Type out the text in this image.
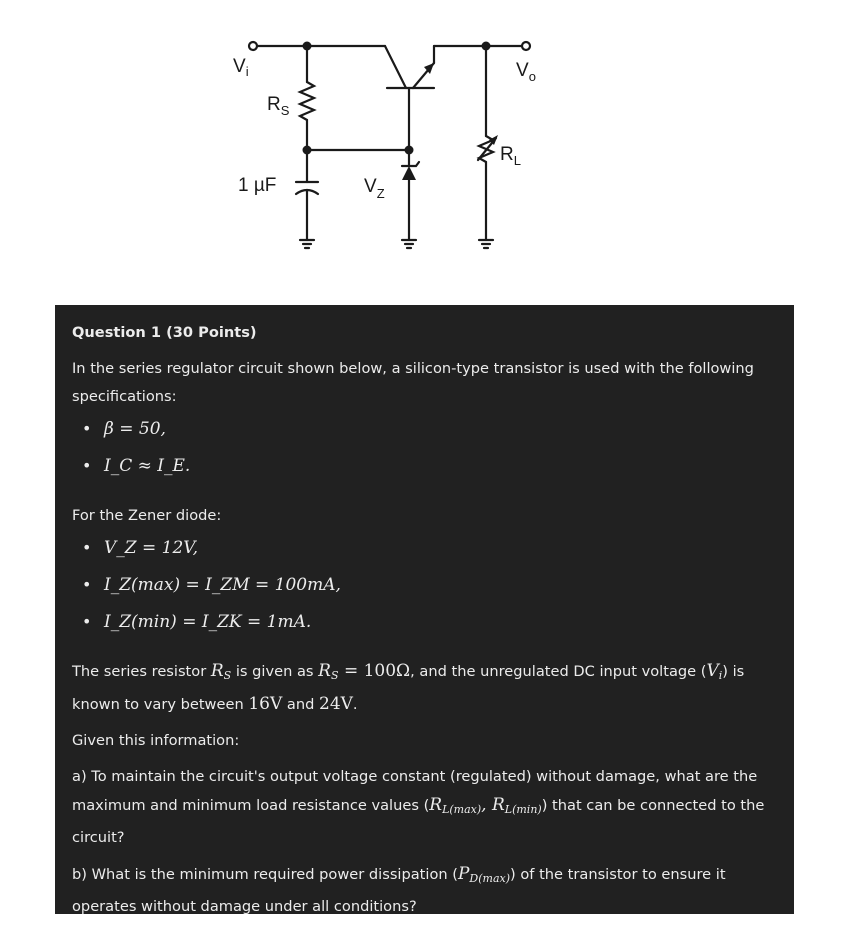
$V_i$
$R_S$
1 µF	$V_Z$
$V_o$
$R_L$

Question 1 (30 Points)

In the series regulator circuit shown below, a silicon-type transistor is used with the following specifications:

• β = 50,
• I_C ≈ I_E.

For the Zener diode:

• V_Z = 12V,
• I_Z(max) = I_ZM = 100mA,
• I_Z(min) = I_ZK = 1mA.

The series resistor $R_S$ is given as $R_S = 100\Omega$, and the unregulated DC input voltage $(V_i)$ is known to vary between 16V and 24V.

Given this information:

a) To maintain the circuit's output voltage constant (regulated) without damage, what are the maximum and minimum load resistance values ($R_{L(max)}$, $R_{L(min)}$) that can be connected to the circuit?

b) What is the minimum required power dissipation $(P_{D(max)})$ of the transistor to ensure it operates without damage under all conditions?
